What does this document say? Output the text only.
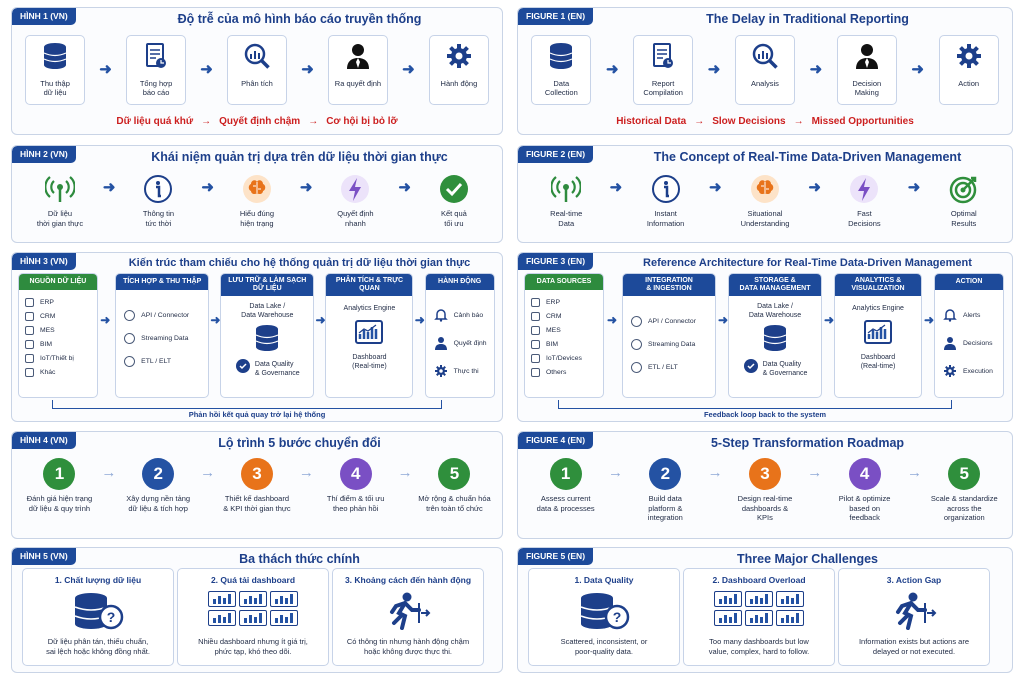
HÌNH 1 (VN)	Độ trễ của mô hình báo cáo truyền thống
Thu thập
dữ liệu
➜
Tổng hợp
báo cáo
➜
Phân tích
➜
Ra quyết định
➜
Hành động
Dữ liệu quá khứ → Quyết định chậm → Cơ hội bị bỏ lỡ
FIGURE 1 (EN)	The Delay in Traditional Reporting
Data
Collection
➜
Report
Compilation
➜
Analysis
➜
Decision
Making
➜
Action
Historical Data → Slow Decisions → Missed Opportunities
HÌNH 2 (VN)	Khái niệm quản trị dựa trên dữ liệu thời gian thực
Dữ liệu
thời gian thực
➜
Thông tin
tức thời
➜
Hiểu đúng
hiện trạng
➜
Quyết định
nhanh
➜
Kết quả
tối ưu
FIGURE 2 (EN)	The Concept of Real-Time Data-Driven Management
Real-time
Data
➜
Instant
Information
➜
Situational
Understanding
➜
Fast
Decisions
➜
Optimal
Results
HÌNH 3 (VN)	Kiến trúc tham chiếu cho hệ thống quản trị dữ liệu thời gian thực
NGUỒN DỮ LIỆU
ERP
CRM
MES
BIM
IoT/Thiết bị
Khác
➜
TÍCH HỢP & THU THẬP
API / Connector
Streaming Data
ETL / ELT
➜
LƯU TRỮ & LÀM SẠCH DỮ LIỆU
Data Lake /
Data Warehouse
Data Quality
& Governance
➜
PHÂN TÍCH & TRỰC QUAN
Analytics Engine
Dashboard
(Real-time)
➜
HÀNH ĐỘNG
Cảnh báo
Quyết định
Thực thi
Phản hồi kết quả quay trở lại hệ thống
FIGURE 3 (EN)	Reference Architecture for Real-Time Data-Driven Management
DATA SOURCES
ERP
CRM
MES
BIM
IoT/Devices
Others
➜
INTEGRATION
& INGESTION
API / Connector
Streaming Data
ETL / ELT
➜
STORAGE &
DATA MANAGEMENT
Data Lake /
Data Warehouse
Data Quality
& Governance
➜
ANALYTICS &
VISUALIZATION
Analytics Engine
Dashboard
(Real-time)
➜
ACTION
Alerts
Decisions
Execution
Feedback loop back to the system
HÌNH 4 (VN)	Lộ trình 5 bước chuyển đổi
1
Đánh giá hiện trạng
dữ liệu & quy trình
→	2
Xây dựng nền tảng
dữ liệu & tích hợp
→	3
Thiết kế dashboard
& KPI thời gian thực
→	4
Thí điểm & tối ưu
theo phản hồi
→	5
Mở rộng & chuẩn hóa
trên toàn tổ chức
FIGURE 4 (EN)	5-Step Transformation Roadmap
1
Assess current
data & processes
→	2
Build data
platform &
integration
→	3
Design real-time
dashboards &
KPIs
→	4
Pilot & optimize
based on
feedback
→	5
Scale & standardize
across the
organization
HÌNH 5 (VN)	Ba thách thức chính
1. Chất lượng dữ liệu
?
Dữ liệu phân tán, thiếu chuẩn,
sai lệch hoặc không đồng nhất.
2. Quá tải dashboard
Nhiều dashboard nhưng ít giá trị,
phức tạp, khó theo dõi.
3. Khoảng cách đến hành động
Có thông tin nhưng hành động chậm
hoặc không được thực thi.
FIGURE 5 (EN)	Three Major Challenges
1. Data Quality
?
Scattered, inconsistent, or
poor-quality data.
2. Dashboard Overload
Too many dashboards but low
value, complex, hard to follow.
3. Action Gap
Information exists but actions are
delayed or not executed.
